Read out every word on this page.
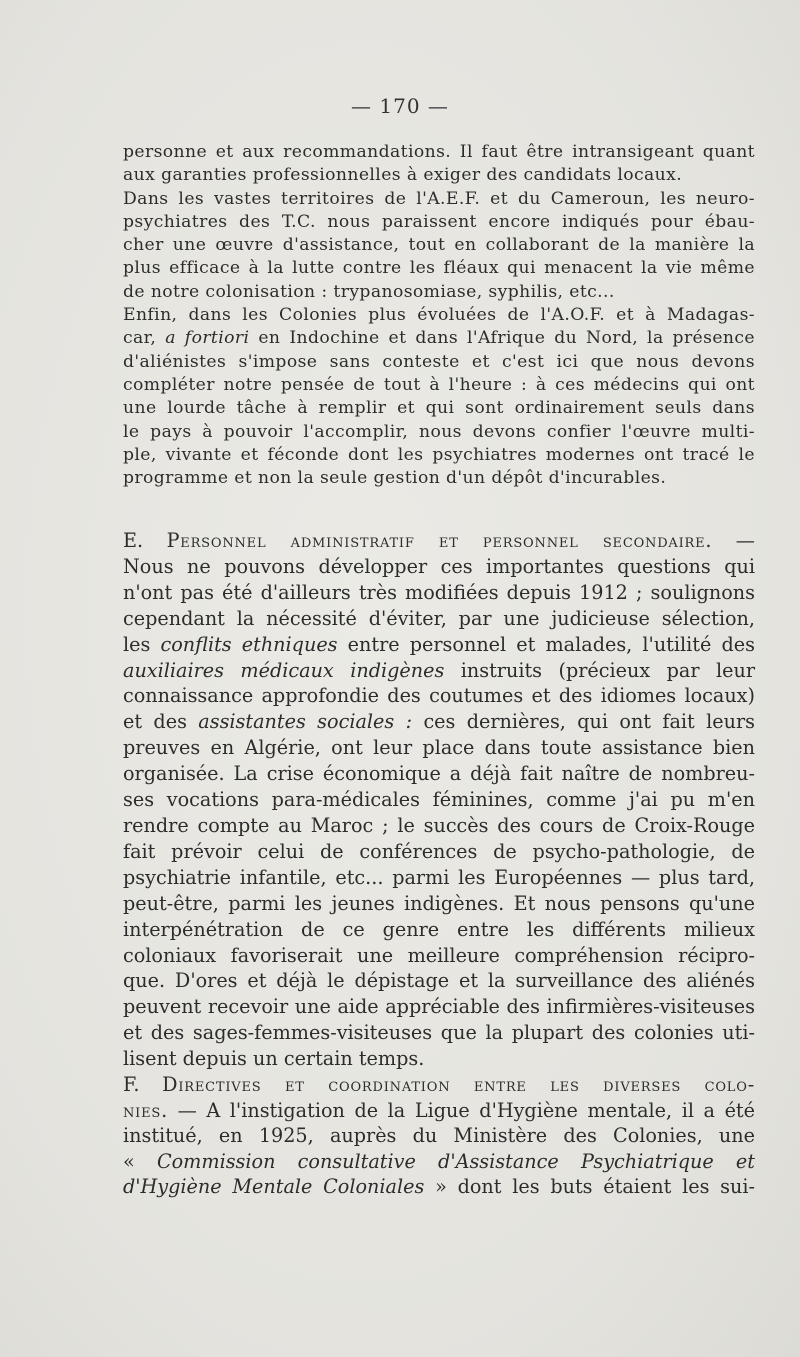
— 170 —
personne et aux recommandations. Il faut être intransigeant quant
aux garanties professionnelles à exiger des candidats locaux.
Dans les vastes territoires de l'A.E.F. et du Cameroun, les neuro-
psychiatres des T.C. nous paraissent encore indiqués pour ébau-
cher une œuvre d'assistance, tout en collaborant de la manière la
plus efficace à la lutte contre les fléaux qui menacent la vie même
de notre colonisation : trypanosomiase, syphilis, etc...
Enfin, dans les Colonies plus évoluées de l'A.O.F. et à Madagas-
car, a fortiori en Indochine et dans l'Afrique du Nord, la présence
d'aliénistes s'impose sans conteste et c'est ici que nous devons
compléter notre pensée de tout à l'heure : à ces médecins qui ont
une lourde tâche à remplir et qui sont ordinairement seuls dans
le pays à pouvoir l'accomplir, nous devons confier l'œuvre multi-
ple, vivante et féconde dont les psychiatres modernes ont tracé le
programme et non la seule gestion d'un dépôt d'incurables.
E. Personnel administratif et personnel secondaire. —
Nous ne pouvons développer ces importantes questions qui
n'ont pas été d'ailleurs très modifiées depuis 1912 ; soulignons
cependant la nécessité d'éviter, par une judicieuse sélection,
les conflits ethniques entre personnel et malades, l'utilité des
auxiliaires médicaux indigènes instruits (précieux par leur
connaissance approfondie des coutumes et des idiomes locaux)
et des assistantes sociales : ces dernières, qui ont fait leurs
preuves en Algérie, ont leur place dans toute assistance bien
organisée. La crise économique a déjà fait naître de nombreu-
ses vocations para-médicales féminines, comme j'ai pu m'en
rendre compte au Maroc ; le succès des cours de Croix-Rouge
fait prévoir celui de conférences de psycho-pathologie, de
psychiatrie infantile, etc... parmi les Européennes — plus tard,
peut-être, parmi les jeunes indigènes. Et nous pensons qu'une
interpénétration de ce genre entre les différents milieux
coloniaux favoriserait une meilleure compréhension récipro-
que. D'ores et déjà le dépistage et la surveillance des aliénés
peuvent recevoir une aide appréciable des infirmières-visiteuses
et des sages-femmes-visiteuses que la plupart des colonies uti-
lisent depuis un certain temps.
F. Directives et coordination entre les diverses colo-
nies. — A l'instigation de la Ligue d'Hygiène mentale, il a été
institué, en 1925, auprès du Ministère des Colonies, une
« Commission consultative d'Assistance Psychiatrique et
d'Hygiène Mentale Coloniales » dont les buts étaient les sui-
